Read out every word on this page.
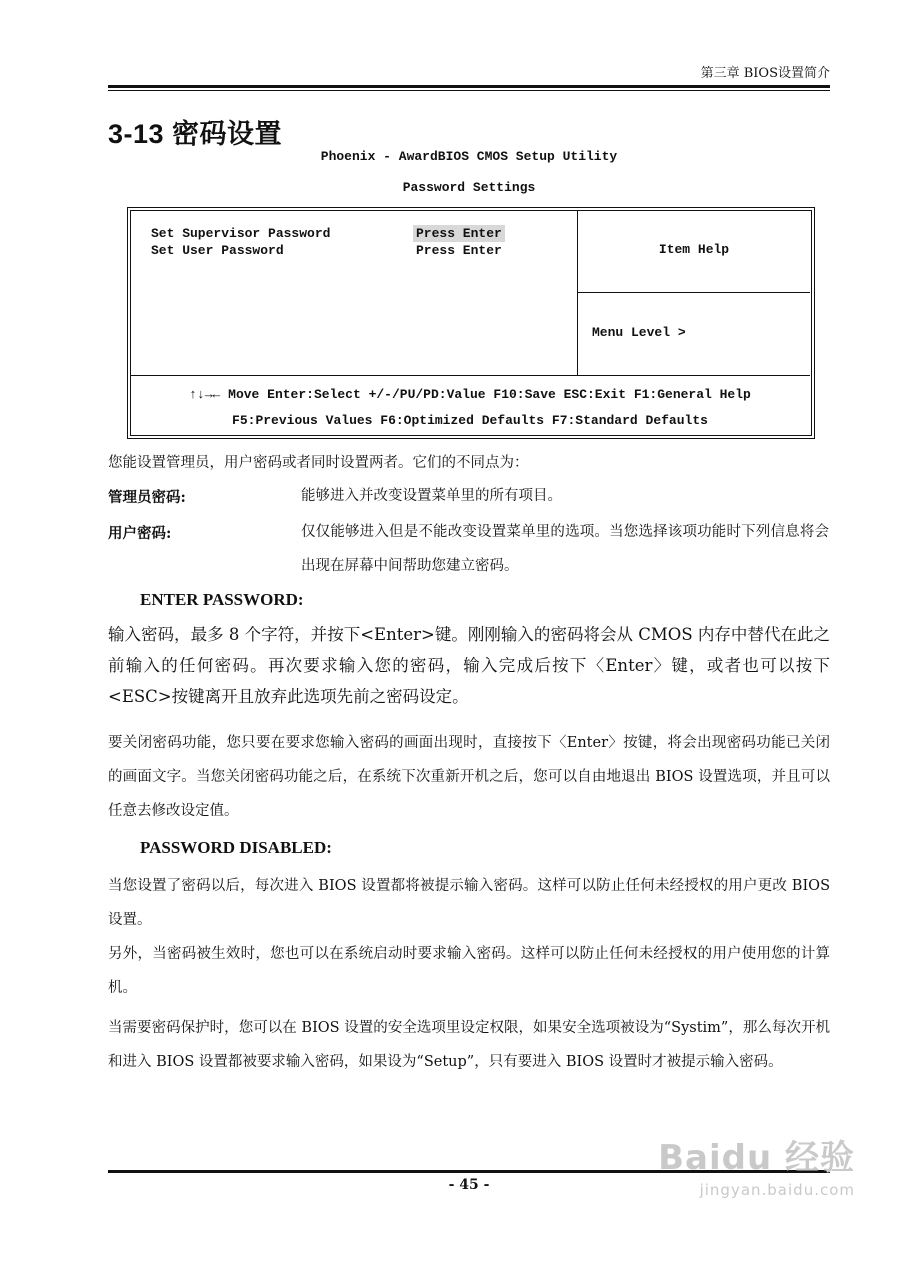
第三章 BIOS设置简介
3-13 密码设置
Phoenix - AwardBIOS CMOS Setup Utility
Password Settings
Set Supervisor Password	Press Enter
Set User Password	Press Enter	Item Help
Menu Level >
↑↓→← Move Enter:Select +/-/PU/PD:Value F10:Save ESC:Exit F1:General Help
F5:Previous Values F6:Optimized Defaults F7:Standard Defaults
您能设置管理员，用户密码或者同时设置两者。它们的不同点为：
管理员密码:	能够进入并改变设置菜单里的所有项目。
用户密码:	仅仅能够进入但是不能改变设置菜单里的选项。当您选择该项功能时下列信息将会出现在屏幕中间帮助您建立密码。
ENTER PASSWORD:
输入密码，最多 8 个字符，并按下<Enter>键。刚刚输入的密码将会从 CMOS 内存中替代在此之前输入的任何密码。再次要求输入您的密码，输入完成后按下〈Enter〉键，或者也可以按下<ESC>按键离开且放弃此选项先前之密码设定。
要关闭密码功能，您只要在要求您输入密码的画面出现时，直接按下〈Enter〉按键，将会出现密码功能已关闭的画面文字。当您关闭密码功能之后，在系统下次重新开机之后，您可以自由地退出 BIOS 设置选项，并且可以任意去修改设定值。
PASSWORD DISABLED:
当您设置了密码以后，每次进入 BIOS 设置都将被提示输入密码。这样可以防止任何未经授权的用户更改 BIOS 设置。
另外，当密码被生效时，您也可以在系统启动时要求输入密码。这样可以防止任何未经授权的用户使用您的计算机。
当需要密码保护时，您可以在 BIOS 设置的安全选项里设定权限，如果安全选项被设为“Systim”，那么每次开机和进入 BIOS 设置都被要求输入密码，如果设为“Setup”，只有要进入 BIOS 设置时才被提示输入密码。
- 45 -
Baidu 经验
jingyan.baidu.com
